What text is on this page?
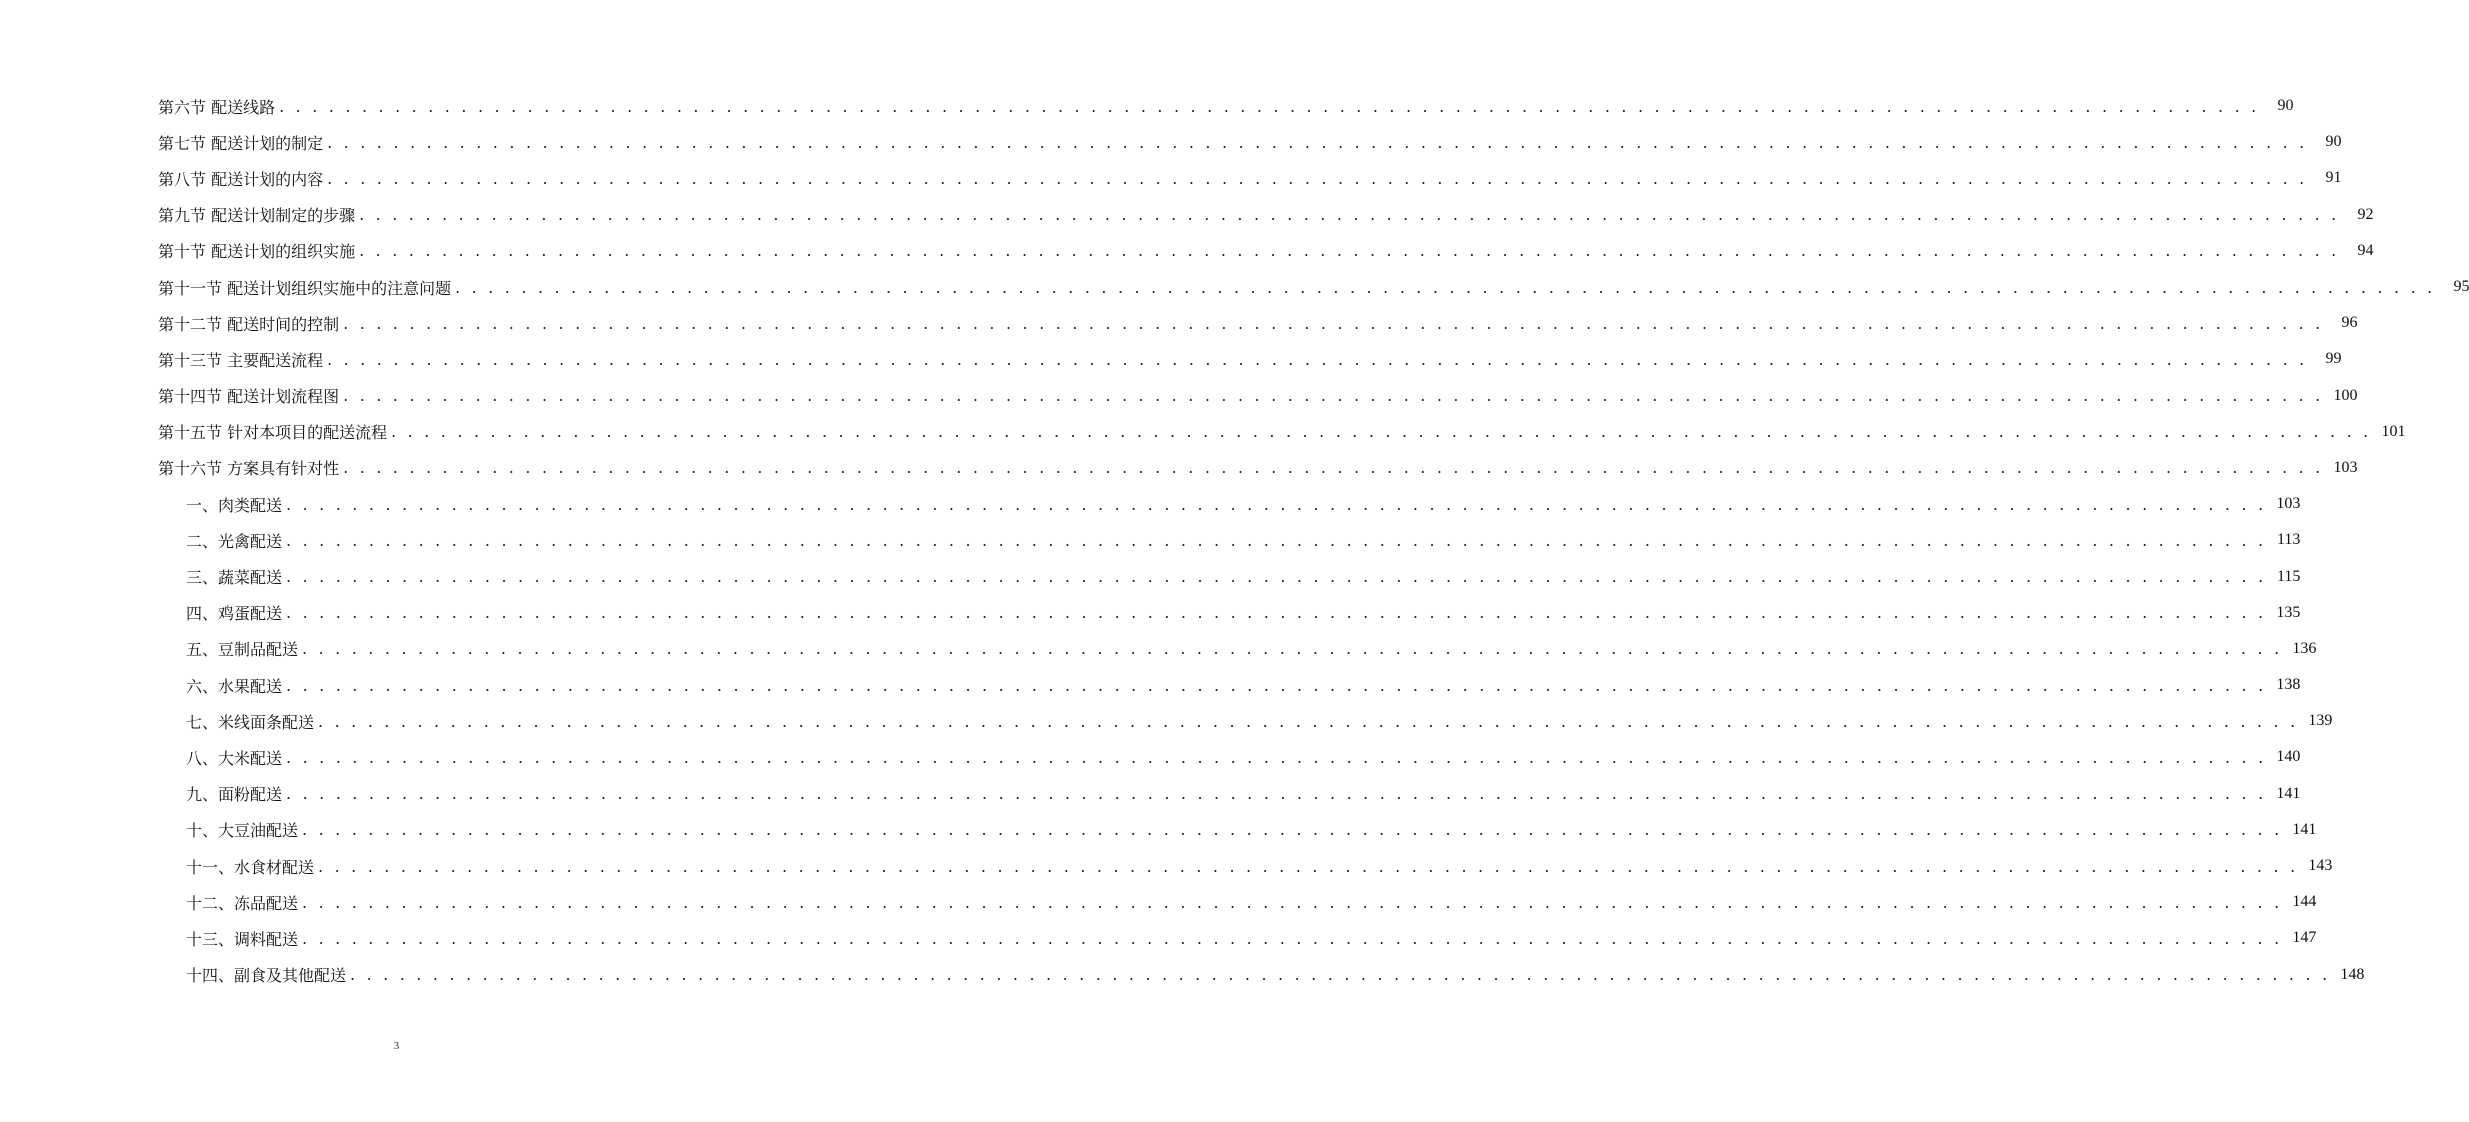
第六节 配送线路 . . . . . . . . . . . . . . . . . . . . . . . . . . . . . . . . . . . . . . . . . . . . . . . . . . . . . . . . . . . . . . . . . . . . . . . . . . . . . . . . . . . . . . . . . . . . . . . . . . . . . . . . . . . . . . . . . . . . . . . .	90
第七节 配送计划的制定 . . . . . . . . . . . . . . . . . . . . . . . . . . . . . . . . . . . . . . . . . . . . . . . . . . . . . . . . . . . . . . . . . . . . . . . . . . . . . . . . . . . . . . . . . . . . . . . . . . . . . . . . . . . . . . . . . . . . . . . .	90
第八节 配送计划的内容 . . . . . . . . . . . . . . . . . . . . . . . . . . . . . . . . . . . . . . . . . . . . . . . . . . . . . . . . . . . . . . . . . . . . . . . . . . . . . . . . . . . . . . . . . . . . . . . . . . . . . . . . . . . . . . . . . . . . . . . .	91
第九节 配送计划制定的步骤 . . . . . . . . . . . . . . . . . . . . . . . . . . . . . . . . . . . . . . . . . . . . . . . . . . . . . . . . . . . . . . . . . . . . . . . . . . . . . . . . . . . . . . . . . . . . . . . . . . . . . . . . . . . . . . . . . . . . . . . .	92
第十节 配送计划的组织实施 . . . . . . . . . . . . . . . . . . . . . . . . . . . . . . . . . . . . . . . . . . . . . . . . . . . . . . . . . . . . . . . . . . . . . . . . . . . . . . . . . . . . . . . . . . . . . . . . . . . . . . . . . . . . . . . . . . . . . . . .	94
第十一节 配送计划组织实施中的注意问题 . . . . . . . . . . . . . . . . . . . . . . . . . . . . . . . . . . . . . . . . . . . . . . . . . . . . . . . . . . . . . . . . . . . . . . . . . . . . . . . . . . . . . . . . . . . . . . . . . . . . . . . . . . . . . . . . . . . . . . . .	95
第十二节 配送时间的控制 . . . . . . . . . . . . . . . . . . . . . . . . . . . . . . . . . . . . . . . . . . . . . . . . . . . . . . . . . . . . . . . . . . . . . . . . . . . . . . . . . . . . . . . . . . . . . . . . . . . . . . . . . . . . . . . . . . . . . . . .	96
第十三节 主要配送流程 . . . . . . . . . . . . . . . . . . . . . . . . . . . . . . . . . . . . . . . . . . . . . . . . . . . . . . . . . . . . . . . . . . . . . . . . . . . . . . . . . . . . . . . . . . . . . . . . . . . . . . . . . . . . . . . . . . . . . . . .	99
第十四节 配送计划流程图 . . . . . . . . . . . . . . . . . . . . . . . . . . . . . . . . . . . . . . . . . . . . . . . . . . . . . . . . . . . . . . . . . . . . . . . . . . . . . . . . . . . . . . . . . . . . . . . . . . . . . . . . . . . . . . . . . . . . . . . . 100
第十五节 针对本项目的配送流程 . . . . . . . . . . . . . . . . . . . . . . . . . . . . . . . . . . . . . . . . . . . . . . . . . . . . . . . . . . . . . . . . . . . . . . . . . . . . . . . . . . . . . . . . . . . . . . . . . . . . . . . . . . . . . . . . . . . . . . . . 101
第十六节 方案具有针对性 . . . . . . . . . . . . . . . . . . . . . . . . . . . . . . . . . . . . . . . . . . . . . . . . . . . . . . . . . . . . . . . . . . . . . . . . . . . . . . . . . . . . . . . . . . . . . . . . . . . . . . . . . . . . . . . . . . . . . . . . 103
一、肉类配送 . . . . . . . . . . . . . . . . . . . . . . . . . . . . . . . . . . . . . . . . . . . . . . . . . . . . . . . . . . . . . . . . . . . . . . . . . . . . . . . . . . . . . . . . . . . . . . . . . . . . . . . . . . . . . . . . . . . . . . . . 103
二、光禽配送 . . . . . . . . . . . . . . . . . . . . . . . . . . . . . . . . . . . . . . . . . . . . . . . . . . . . . . . . . . . . . . . . . . . . . . . . . . . . . . . . . . . . . . . . . . . . . . . . . . . . . . . . . . . . . . . . . . . . . . . . 113
三、蔬菜配送 . . . . . . . . . . . . . . . . . . . . . . . . . . . . . . . . . . . . . . . . . . . . . . . . . . . . . . . . . . . . . . . . . . . . . . . . . . . . . . . . . . . . . . . . . . . . . . . . . . . . . . . . . . . . . . . . . . . . . . . . 115
四、鸡蛋配送 . . . . . . . . . . . . . . . . . . . . . . . . . . . . . . . . . . . . . . . . . . . . . . . . . . . . . . . . . . . . . . . . . . . . . . . . . . . . . . . . . . . . . . . . . . . . . . . . . . . . . . . . . . . . . . . . . . . . . . . . 135
五、豆制品配送 . . . . . . . . . . . . . . . . . . . . . . . . . . . . . . . . . . . . . . . . . . . . . . . . . . . . . . . . . . . . . . . . . . . . . . . . . . . . . . . . . . . . . . . . . . . . . . . . . . . . . . . . . . . . . . . . . . . . . . . . 136
六、水果配送 . . . . . . . . . . . . . . . . . . . . . . . . . . . . . . . . . . . . . . . . . . . . . . . . . . . . . . . . . . . . . . . . . . . . . . . . . . . . . . . . . . . . . . . . . . . . . . . . . . . . . . . . . . . . . . . . . . . . . . . . 138
七、米线面条配送 . . . . . . . . . . . . . . . . . . . . . . . . . . . . . . . . . . . . . . . . . . . . . . . . . . . . . . . . . . . . . . . . . . . . . . . . . . . . . . . . . . . . . . . . . . . . . . . . . . . . . . . . . . . . . . . . . . . . . . . . 139
八、大米配送 . . . . . . . . . . . . . . . . . . . . . . . . . . . . . . . . . . . . . . . . . . . . . . . . . . . . . . . . . . . . . . . . . . . . . . . . . . . . . . . . . . . . . . . . . . . . . . . . . . . . . . . . . . . . . . . . . . . . . . . . 140
九、面粉配送 . . . . . . . . . . . . . . . . . . . . . . . . . . . . . . . . . . . . . . . . . . . . . . . . . . . . . . . . . . . . . . . . . . . . . . . . . . . . . . . . . . . . . . . . . . . . . . . . . . . . . . . . . . . . . . . . . . . . . . . . 141
十、大豆油配送 . . . . . . . . . . . . . . . . . . . . . . . . . . . . . . . . . . . . . . . . . . . . . . . . . . . . . . . . . . . . . . . . . . . . . . . . . . . . . . . . . . . . . . . . . . . . . . . . . . . . . . . . . . . . . . . . . . . . . . . . 141
十一、水食材配送 . . . . . . . . . . . . . . . . . . . . . . . . . . . . . . . . . . . . . . . . . . . . . . . . . . . . . . . . . . . . . . . . . . . . . . . . . . . . . . . . . . . . . . . . . . . . . . . . . . . . . . . . . . . . . . . . . . . . . . . . 143
十二、冻品配送 . . . . . . . . . . . . . . . . . . . . . . . . . . . . . . . . . . . . . . . . . . . . . . . . . . . . . . . . . . . . . . . . . . . . . . . . . . . . . . . . . . . . . . . . . . . . . . . . . . . . . . . . . . . . . . . . . . . . . . . . 144
十三、调料配送 . . . . . . . . . . . . . . . . . . . . . . . . . . . . . . . . . . . . . . . . . . . . . . . . . . . . . . . . . . . . . . . . . . . . . . . . . . . . . . . . . . . . . . . . . . . . . . . . . . . . . . . . . . . . . . . . . . . . . . . . 147
十四、副食及其他配送 . . . . . . . . . . . . . . . . . . . . . . . . . . . . . . . . . . . . . . . . . . . . . . . . . . . . . . . . . . . . . . . . . . . . . . . . . . . . . . . . . . . . . . . . . . . . . . . . . . . . . . . . . . . . . . . . . . . . . . . . 148
3
